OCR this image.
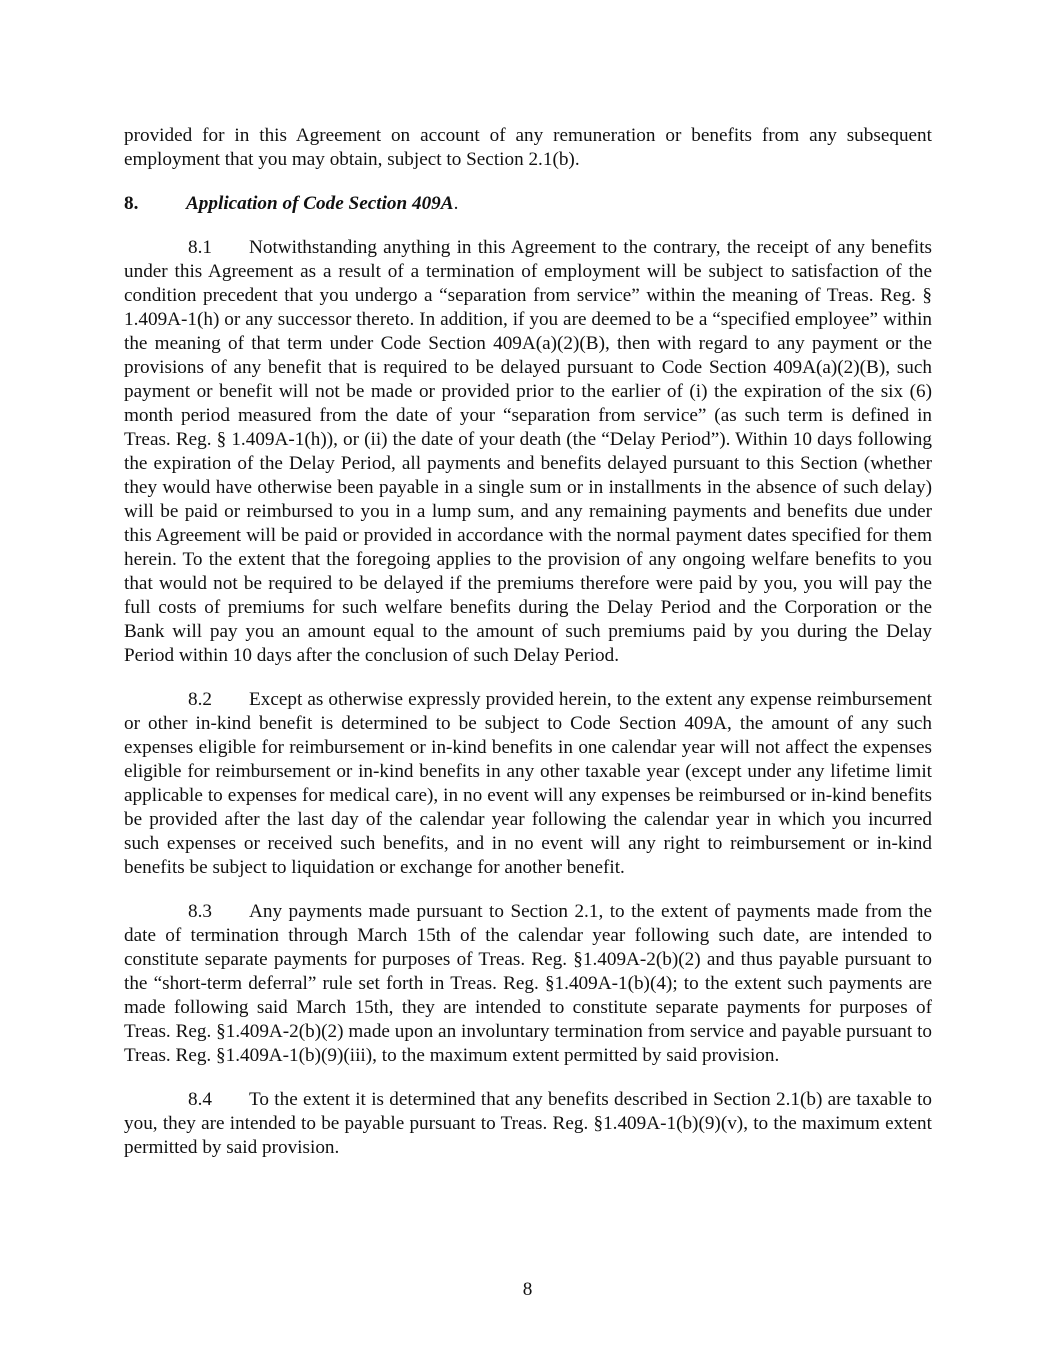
provided for in this Agreement on account of any remuneration or benefits from any subsequent employment that you may obtain, subject to Section 2.1(b).

8. Application of Code Section 409A.

8.1 Notwithstanding anything in this Agreement to the contrary, the receipt of any benefits under this Agreement as a result of a termination of employment will be subject to satisfaction of the condition precedent that you undergo a “separation from service” within the meaning of Treas. Reg. § 1.409A-1(h) or any successor thereto. In addition, if you are deemed to be a “specified employee” within the meaning of that term under Code Section 409A(a)(2)(B), then with regard to any payment or the provisions of any benefit that is required to be delayed pursuant to Code Section 409A(a)(2)(B), such payment or benefit will not be made or provided prior to the earlier of (i) the expiration of the six (6) month period measured from the date of your “separation from service” (as such term is defined in Treas. Reg. § 1.409A-1(h)), or (ii) the date of your death (the “Delay Period”). Within 10 days following the expiration of the Delay Period, all payments and benefits delayed pursuant to this Section (whether they would have otherwise been payable in a single sum or in installments in the absence of such delay) will be paid or reimbursed to you in a lump sum, and any remaining payments and benefits due under this Agreement will be paid or provided in accordance with the normal payment dates specified for them herein. To the extent that the foregoing applies to the provision of any ongoing welfare benefits to you that would not be required to be delayed if the premiums therefore were paid by you, you will pay the full costs of premiums for such welfare benefits during the Delay Period and the Corporation or the Bank will pay you an amount equal to the amount of such premiums paid by you during the Delay Period within 10 days after the conclusion of such Delay Period.

8.2 Except as otherwise expressly provided herein, to the extent any expense reimbursement or other in-kind benefit is determined to be subject to Code Section 409A, the amount of any such expenses eligible for reimbursement or in-kind benefits in one calendar year will not affect the expenses eligible for reimbursement or in-kind benefits in any other taxable year (except under any lifetime limit applicable to expenses for medical care), in no event will any expenses be reimbursed or in-kind benefits be provided after the last day of the calendar year following the calendar year in which you incurred such expenses or received such benefits, and in no event will any right to reimbursement or in-kind benefits be subject to liquidation or exchange for another benefit.

8.3 Any payments made pursuant to Section 2.1, to the extent of payments made from the date of termination through March 15th of the calendar year following such date, are intended to constitute separate payments for purposes of Treas. Reg. §1.409A-2(b)(2) and thus payable pursuant to the “short-term deferral” rule set forth in Treas. Reg. §1.409A-1(b)(4); to the extent such payments are made following said March 15th, they are intended to constitute separate payments for purposes of Treas. Reg. §1.409A-2(b)(2) made upon an involuntary termination from service and payable pursuant to Treas. Reg. §1.409A-1(b)(9)(iii), to the maximum extent permitted by said provision.

8.4 To the extent it is determined that any benefits described in Section 2.1(b) are taxable to you, they are intended to be payable pursuant to Treas. Reg. §1.409A-1(b)(9)(v), to the maximum extent permitted by said provision.

8
